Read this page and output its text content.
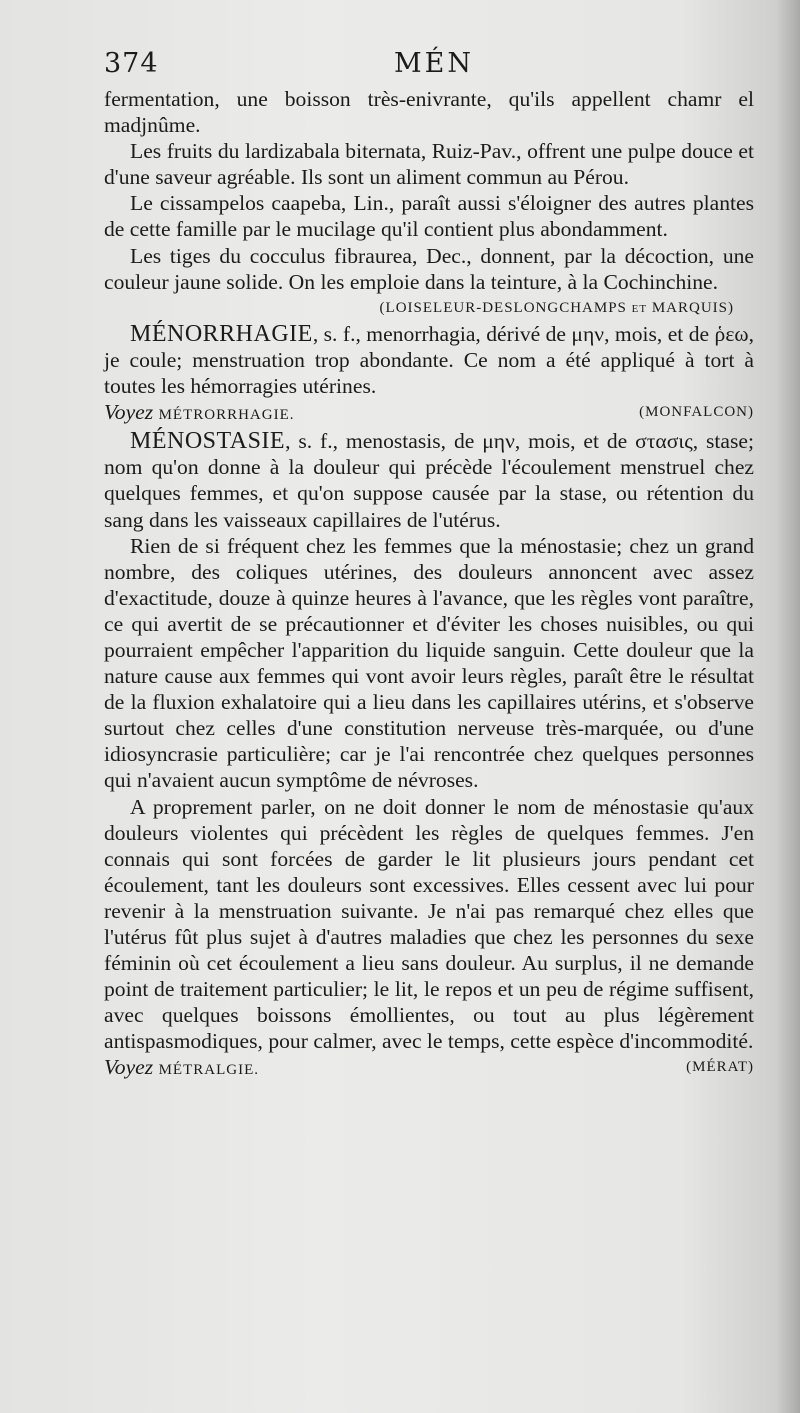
374	MÉN

fermentation, une boisson très-enivrante, qu'ils appellent chamr el madjnûme.

Les fruits du lardizabala biternata, Ruiz-Pav., offrent une pulpe douce et d'une saveur agréable. Ils sont un aliment commun au Pérou.

Le cissampelos caapeba, Lin., paraît aussi s'éloigner des autres plantes de cette famille par le mucilage qu'il contient plus abondamment.

Les tiges du cocculus fibraurea, Dec., donnent, par la décoction, une couleur jaune solide. On les emploie dans la teinture, à la Cochinchine.

(LOISELEUR-DESLONGCHAMPS et MARQUIS)

MÉNORRHAGIE, s. f., menorrhagia, dérivé de μην, mois, et de ῥεω, je coule; menstruation trop abondante. Ce nom a été appliqué à tort à toutes les hémorragies utérines.

Voyez MÉTRORRHAGIE.	(MONFALCON)

MÉNOSTASIE, s. f., menostasis, de μην, mois, et de στασις, stase; nom qu'on donne à la douleur qui précède l'écoulement menstruel chez quelques femmes, et qu'on suppose causée par la stase, ou rétention du sang dans les vaisseaux capillaires de l'utérus.

Rien de si fréquent chez les femmes que la ménostasie; chez un grand nombre, des coliques utérines, des douleurs annoncent avec assez d'exactitude, douze à quinze heures à l'avance, que les règles vont paraître, ce qui avertit de se précautionner et d'éviter les choses nuisibles, ou qui pourraient empêcher l'apparition du liquide sanguin. Cette douleur que la nature cause aux femmes qui vont avoir leurs règles, paraît être le résultat de la fluxion exhalatoire qui a lieu dans les capillaires utérins, et s'observe surtout chez celles d'une constitution nerveuse très-marquée, ou d'une idiosyncrasie particulière; car je l'ai rencontrée chez quelques personnes qui n'avaient aucun symptôme de névroses.

A proprement parler, on ne doit donner le nom de ménostasie qu'aux douleurs violentes qui précèdent les règles de quelques femmes. J'en connais qui sont forcées de garder le lit plusieurs jours pendant cet écoulement, tant les douleurs sont excessives. Elles cessent avec lui pour revenir à la menstruation suivante. Je n'ai pas remarqué chez elles que l'utérus fût plus sujet à d'autres maladies que chez les personnes du sexe féminin où cet écoulement a lieu sans douleur. Au surplus, il ne demande point de traitement particulier; le lit, le repos et un peu de régime suffisent, avec quelques boissons émollientes, ou tout au plus légèrement antispasmodiques, pour calmer, avec le temps, cette espèce d'incommodité.

Voyez MÉTRALGIE.	(MÉRAT)
